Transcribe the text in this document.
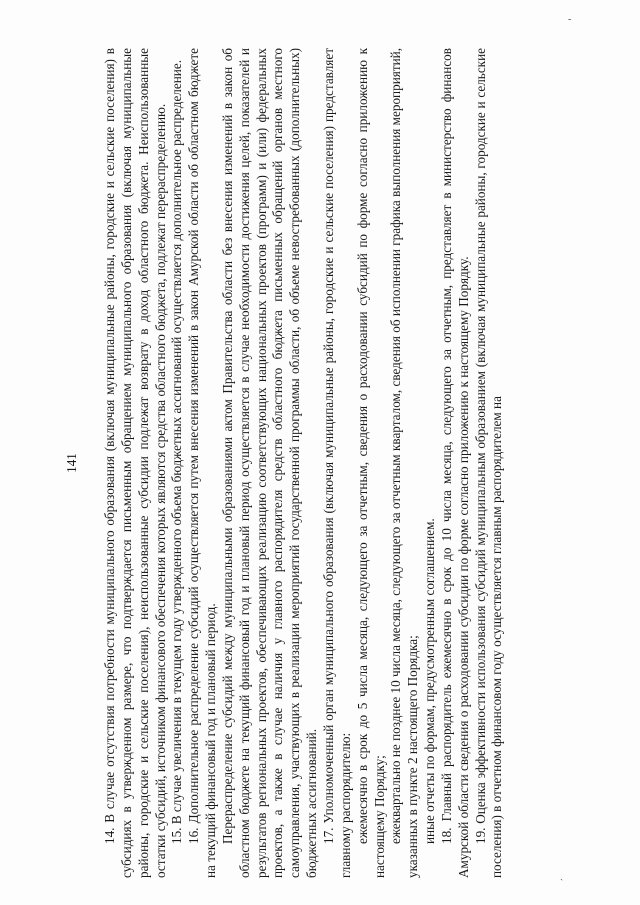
-
ˏ
141 14. В случае отсутствия потребности муниципального образования (включая муниципальные районы, городские и сельские поселения) в субсидиях в утвержденном размере, что подтверждается письменным обращением муниципального образования (включая муниципальные районы, городские и сельские поселения), неиспользованные субсидии подлежат возврату в доход областного бюджета. Неиспользованные остатки субсидий, источником финансового обеспечения которых являются средства областного бюджета, подлежат перераспределению. 15. В случае увеличения в текущем году утвержденного объема бюджетных ассигнований осуществляется дополнительное распределение. 16. Дополнительное распределение субсидий осуществляется путем внесения изменений в закон Амурской области об областном бюджете на текущий финансовый год и плановый период. Перераспределение субсидий между муниципальными образованиями актом Правительства области без внесения изменений в закон об областном бюджете на текущий финансовый год и плановый период осуществляется в случае необходимости достижения целей, показателей и результатов региональных проектов, обеспечивающих реализацию соответствующих национальных проектов (программ) и (или) федеральных проектов, а также в случае наличия у главного распорядителя средств областного бюджета письменных обращений органов местного самоуправления, участвующих в реализации мероприятий государственной программы области, об объеме невостребованных (дополнительных) бюджетных ассигнований. 17. Уполномоченный орган муниципального образования (включая муниципальные районы, городские и сельские поселения) представляет главному распорядителю: ежемесячно в срок до 5 числа месяца, следующего за отчетным, сведения о расходовании субсидий по форме согласно приложению к настоящему Порядку; ежеквартально не позднее 10 числа месяца, следующего за отчетным кварталом, сведения об исполнении графика выполнения мероприятий, указанных в пункте 2 настоящего Порядка; иные отчеты по формам, предусмотренным соглашением. 18. Главный распорядитель ежемесячно в срок до 10 числа месяца, следующего за отчетным, представляет в министерство финансов Амурской области сведения о расходовании субсидии по форме согласно приложению к настоящему Порядку. 19. Оценка эффективности использования субсидий муниципальным образованием (включая муниципальные районы, городские и сельские поселения) в отчетном финансовом году осуществляется главным распорядителем на
